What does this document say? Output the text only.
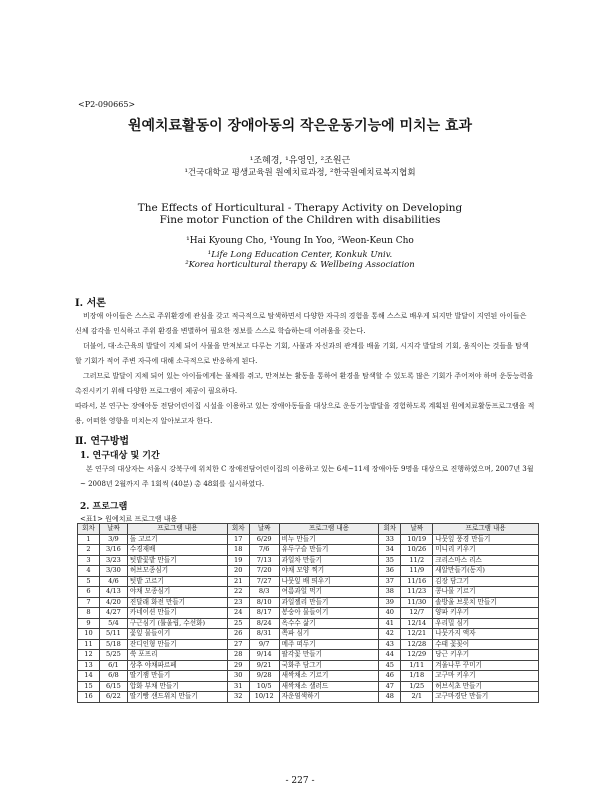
<P2-090665>
원예치료활동이 장애아동의 작은운동기능에 미치는 효과
¹조혜경, ¹유영인, ²조원근
¹건국대학교 평생교육원 원예치료과정, ²한국원예치료복지협회
The Effects of Horticultural - Therapy Activity on Developing
Fine motor Function of the Children with disabilities
¹Hai Kyoung Cho, ¹Young In Yoo, ²Weon-Keun Cho
¹Life Long Education Center, Konkuk Univ.
²Korea horticultural therapy & Wellbeing Association
Ⅰ. 서론
비장애 아이들은 스스로 주위환경에 관심을 갖고 적극적으로 탐색하면서 다양한 자극의 경험을 통해 스스로 배우게 되지만 발달이 지연된 아이들은 신체 감각을 인식하고 주위 환경을 변별하여 필요한 정보를 스스로 학습하는데 어려움을 갖는다.
더불어, 대·소근육의 발달이 지체 되어 사물을 만져보고 다루는 기회, 사물과 자신과의 관계를 배울 기회, 시지각 발달의 기회, 움직이는 것들을 탐색할 기회가 적어 주변 자극에 대해 소극적으로 반응하게 된다.
그러므로 발달이 지체 되어 있는 아이들에게는 물체를 쥐고, 만져보는 활동을 통하여 환경을 탐색할 수 있도록 많은 기회가 주어져야 하며 운동능력을 촉진시키기 위해 다양한 프로그램이 제공이 필요하다.
따라서, 본 연구는 장애아동 전담어린이집 시설을 이용하고 있는 장애아동들을 대상으로 운동기능발달을 경험하도록 계획된 원예치료활동프로그램을 적용, 어떠한 영향을 미치는지 알아보고자 한다.
Ⅱ. 연구방법
1. 연구대상 및 기간
본 연구의 대상자는 서울시 강북구에 위치한 C 장애전담어린이집의 이용하고 있는 6세~11세 장애아동 9명을 대상으로 진행하였으며, 2007년 3월~ 2008년 2월까지 주 1회씩 (40분) 총 48회를 실시하였다.
2. 프로그램
<표1> 원예치료 프로그램 내용
회차	날짜	프로그램 내용	회차	날짜	프로그램 내용	회차	날짜	프로그램 내용
1	3/9	돌 고르기	17	6/29	비누 만들기	33	10/19	나뭇잎 풍경 만들기
2	3/16	수경재배	18	7/6	유두구슬 만들기	34	10/26	미니리 키우기
3	3/23	텃밭꽃밭 만들기	19	7/13	과일차 만들기	35	11/2	크리스마스 리스
4	3/30	허브모종심기	20	7/20	야채 모양 찍기	36	11/9	새알만들기(동지)
5	4/6	텃밭 고르기	21	7/27	나뭇잎 배 띄우기	37	11/16	김장 담그기
6	4/13	야채 모종심기	22	8/3	여름과일 먹기	38	11/23	콩나물 기르기
7	4/20	진달래 화전 만들기	23	8/10	과일젤리 만들기	39	11/30	솔방울 브롯치 만들기
8	4/27	카네이션 만들기	24	8/17	봉숭아 물들이기	40	12/7	양파 키우기
9	5/4	구근심기 (튤울립, 수선화)	25	8/24	옥수수 삶기	41	12/14	우리밀 심기
10	5/11	꽃잎 물들이기	26	8/31	쪽파 심기	42	12/21	나뭇가지 액자
11	5/18	잔디인형 만들기	27	9/7	메주 떠두기	43	12/28	수태 꽃꽂이
12	5/25	쑥 포프리	28	9/14	팔각꽃 만들기	44	12/29	당근 키우기
13	6/1	상추 야채파르페	29	9/21	국화주 담그기	45	1/11	겨울나무 꾸미기
14	6/8	딸기잼 만들기	30	9/28	새싹채소 기르기	46	1/18	고구마 키우기
15	6/15	압화 부채 만들기	31	10/5	새싹채소 샐러드	47	1/25	허브식초 만들기
16	6/22	딸기빵 샌드위치 만들기	32	10/12	자운염색하기	48	2/1	고구마경단 만들기
- 227 -
